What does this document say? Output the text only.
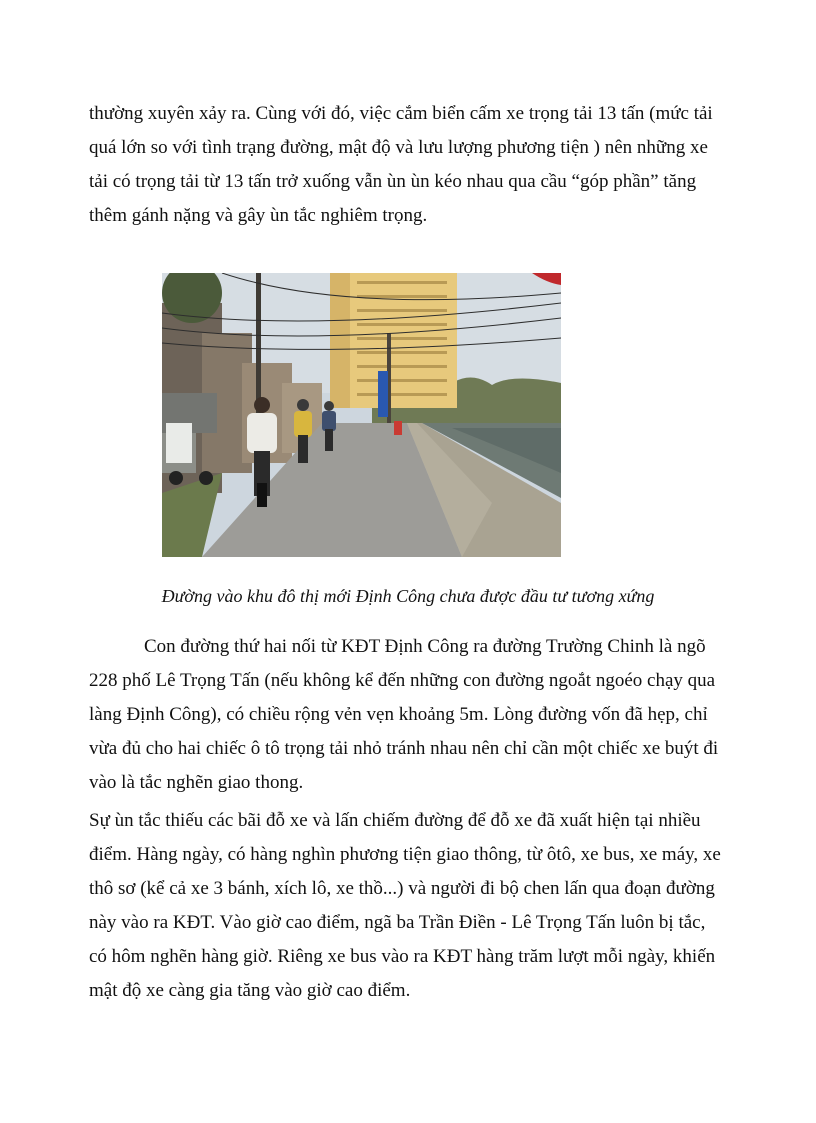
thường xuyên xảy ra. Cùng với đó, việc cắm biển cấm xe trọng tải 13 tấn (mức tải
quá lớn so với tình trạng đường, mật độ và lưu lượng phương tiện ) nên những xe
tải có trọng tải từ 13 tấn trở xuống vẫn ùn ùn kéo nhau qua cầu “góp phần” tăng
thêm gánh nặng và gây ùn tắc nghiêm trọng.

Đường vào khu đô thị mới Định Công chưa được đầu tư tương xứng

Con đường thứ hai nối từ KĐT Định Công ra đường Trường Chinh là ngõ
228 phố Lê Trọng Tấn (nếu không kể đến những con đường ngoắt ngoéo chạy qua
làng Định Công), có chiều rộng vẻn vẹn khoảng 5m. Lòng đường vốn đã hẹp, chỉ
vừa đủ cho hai chiếc ô tô trọng tải nhỏ tránh nhau nên chỉ cần một chiếc xe buýt đi
vào là tắc nghẽn giao thong.

Sự ùn tắc thiếu các bãi đỗ xe và lấn chiếm đường để đỗ xe đã xuất hiện tại nhiều
điểm. Hàng ngày, có hàng nghìn phương tiện giao thông, từ ôtô, xe bus, xe máy, xe
thô sơ (kể cả xe 3 bánh, xích lô, xe thồ...) và người đi bộ chen lấn qua đoạn đường
này vào ra KĐT. Vào giờ cao điểm, ngã ba Trần Điền - Lê Trọng Tấn luôn bị tắc,
có hôm nghẽn hàng giờ. Riêng xe bus vào ra KĐT hàng trăm lượt mỗi ngày, khiến
mật độ xe càng gia tăng vào giờ cao điểm.
